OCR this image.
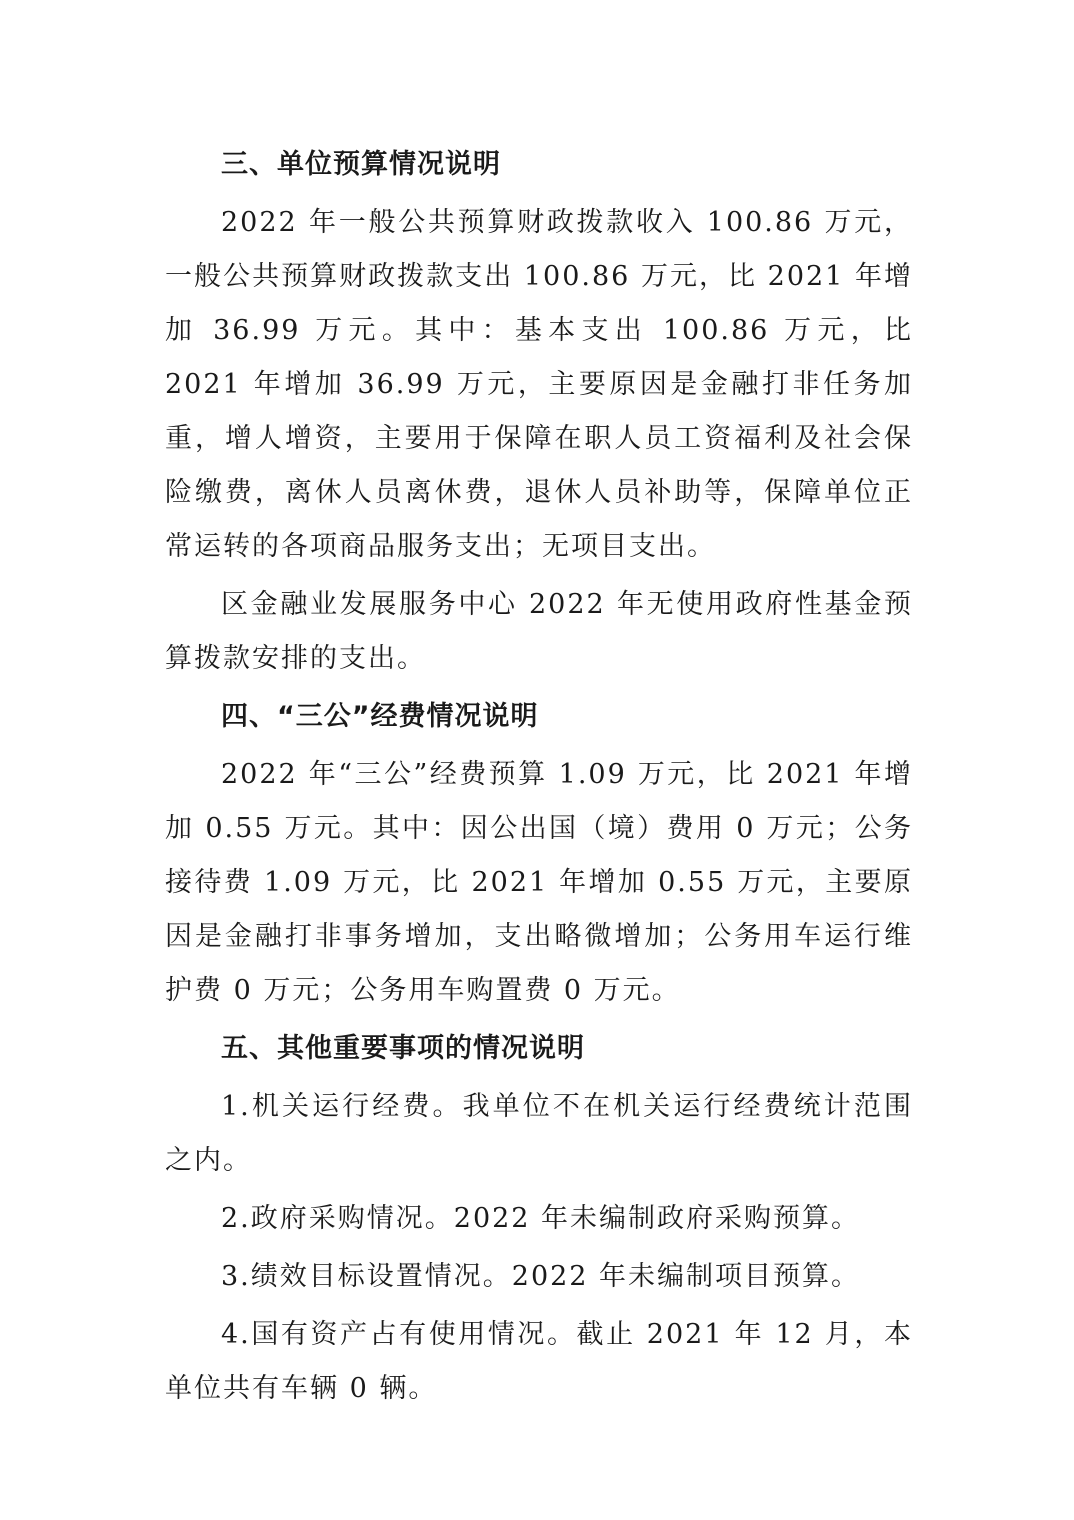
三、单位预算情况说明
2022 年一般公共预算财政拨款收入 100.86 万元，一般公共预算财政拨款支出 100.86 万元，比 2021 年增加 36.99 万元。其中：基本支出 100.86 万元，比 2021 年增加 36.99 万元，主要原因是金融打非任务加重，增人增资，主要用于保障在职人员工资福利及社会保险缴费，离休人员离休费，退休人员补助等，保障单位正常运转的各项商品服务支出；无项目支出。
区金融业发展服务中心 2022 年无使用政府性基金预算拨款安排的支出。
四、“三公”经费情况说明
2022 年“三公”经费预算 1.09 万元，比 2021 年增加 0.55 万元。其中：因公出国（境）费用 0 万元；公务接待费 1.09 万元，比 2021 年增加 0.55 万元，主要原因是金融打非事务增加，支出略微增加；公务用车运行维护费 0 万元；公务用车购置费 0 万元。
五、其他重要事项的情况说明
1.机关运行经费。我单位不在机关运行经费统计范围之内。
2.政府采购情况。2022 年未编制政府采购预算。
3.绩效目标设置情况。2022 年未编制项目预算。
4.国有资产占有使用情况。截止 2021 年 12 月，本单位共有车辆 0 辆。
